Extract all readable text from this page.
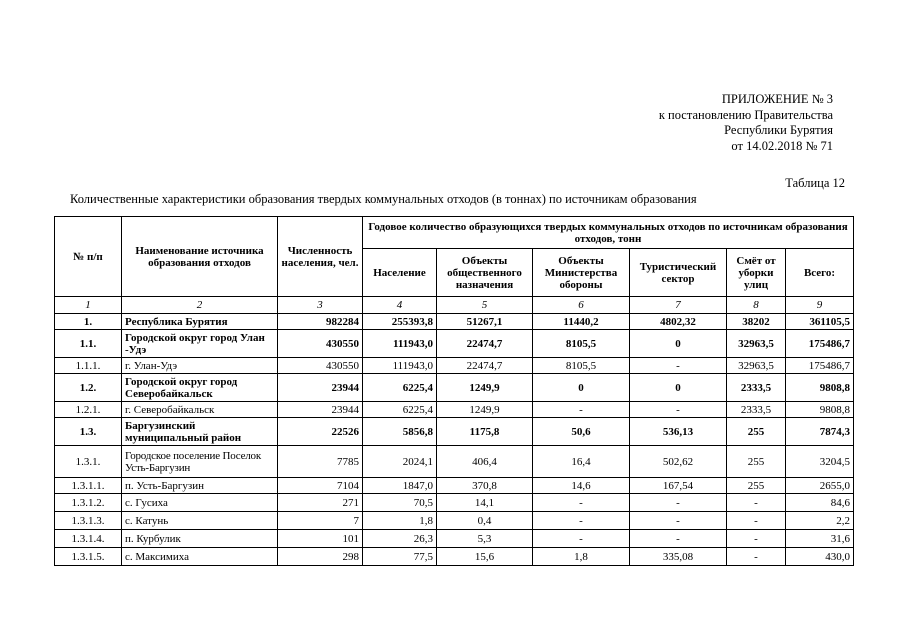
ПРИЛОЖЕНИЕ № 3
к постановлению Правительства
Республики Бурятия
от 14.02.2018 № 71
Таблица 12
Количественные характеристики образования твердых коммунальных отходов (в тоннах) по источникам образования
№ п/п	Наименование источника образования отходов	Численность населения, чел.	Годовое количество образующихся твердых коммунальных отходов по источникам образования отходов, тонн					
			Население	Объекты общественного назначения	Объекты Министерства обороны	Туристический сектор	Смёт от уборки улиц	Всего:
1	2	3	4	5	6	7	8	9
1.	Республика Бурятия	982284	255393,8	51267,1	11440,2	4802,32	38202	361105,5
1.1.	Городской округ город Улан -Удэ	430550	111943,0	22474,7	8105,5	0	32963,5	175486,7
1.1.1.	г. Улан-Удэ	430550	111943,0	22474,7	8105,5	-	32963,5	175486,7
1.2.	Городской округ город Северобайкальск	23944	6225,4	1249,9	0	0	2333,5	9808,8
1.2.1.	г. Северобайкальск	23944	6225,4	1249,9	-	-	2333,5	9808,8
1.3.	Баргузинский муниципальный район	22526	5856,8	1175,8	50,6	536,13	255	7874,3
1.3.1.	Городское поселение Поселок Усть-Баргузин	7785	2024,1	406,4	16,4	502,62	255	3204,5
1.3.1.1.	п. Усть-Баргузин	7104	1847,0	370,8	14,6	167,54	255	2655,0
1.3.1.2.	с. Гусиха	271	70,5	14,1	-	-	-	84,6
1.3.1.3.	с. Катунь	7	1,8	0,4	-	-	-	2,2
1.3.1.4.	п. Курбулик	101	26,3	5,3	-	-	-	31,6
1.3.1.5.	с. Максимиха	298	77,5	15,6	1,8	335,08	-	430,0
